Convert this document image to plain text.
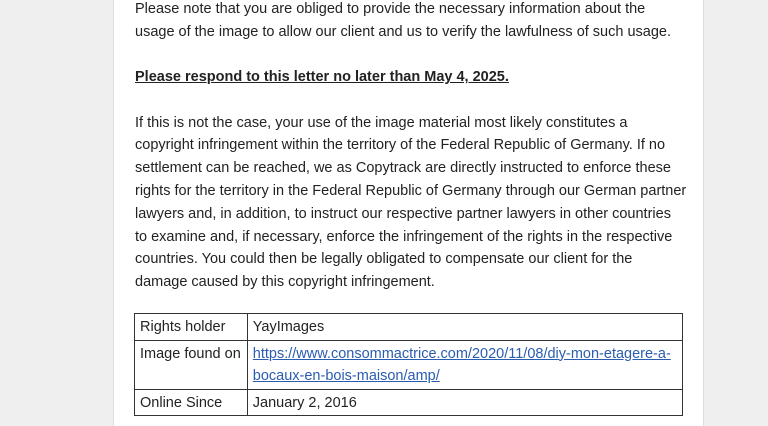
Please note that you are obliged to provide the necessary information about the usage of the image to allow our client and us to verify the lawfulness of such usage.

Please respond to this letter no later than May 4, 2025.

If this is not the case, your use of the image material most likely constitutes a copyright infringement within the territory of the Federal Republic of Germany. If no settlement can be reached, we as Copytrack are directly instructed to enforce these rights for the territory in the Federal Republic of Germany through our German partner lawyers and, in addition, to instruct our respective partner lawyers in other countries to examine and, if necessary, enforce the infringement of the rights in the respective countries. You could then be legally obligated to compensate our client for the damage caused by this copyright infringement.

Rights holder	YayImages
Image found on	https://www.consommactrice.com/2020/11/08/diy-mon-etagere-a-bocaux-en-bois-maison/amp/
Online Since	January 2, 2016
